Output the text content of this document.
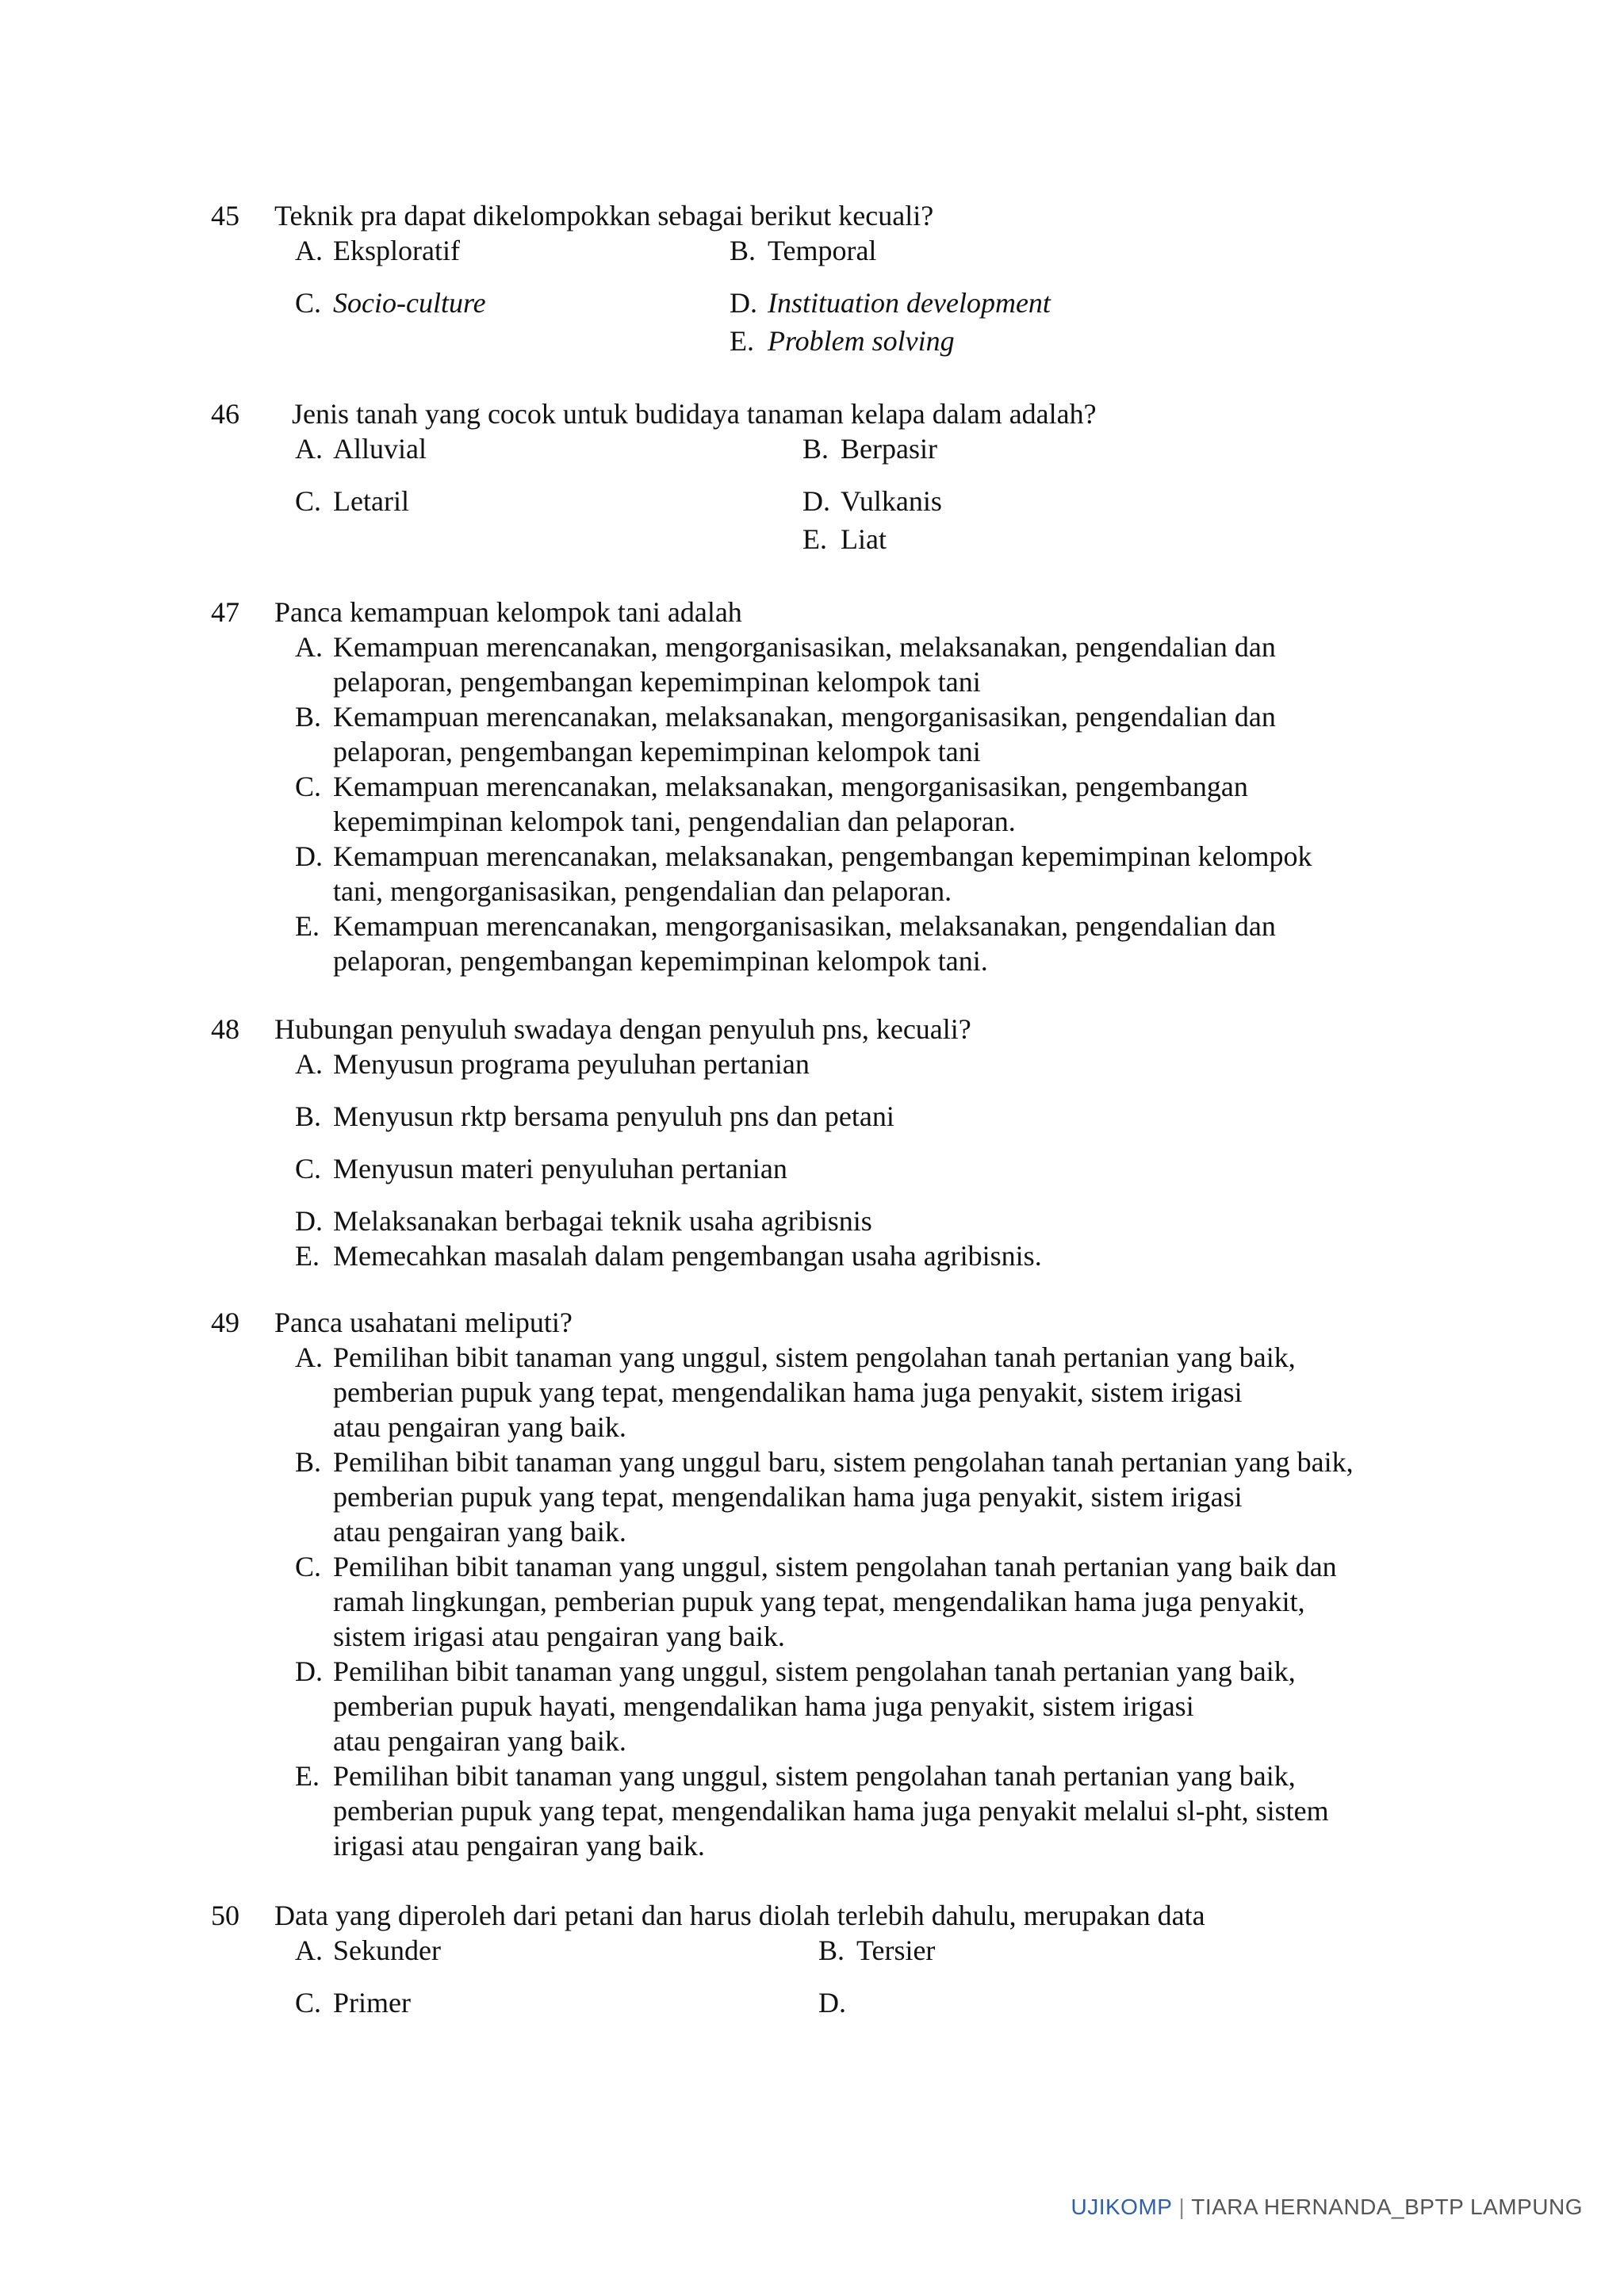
45	Teknik pra dapat dikelompokkan sebagai berikut kecuali?
A. Eksploratif	B. Temporal
C. Socio-culture	D. Instituation development
E. Problem solving
46	Jenis tanah yang cocok untuk budidaya tanaman kelapa dalam adalah?
A. Alluvial	B. Berpasir
C. Letaril	D. Vulkanis
E. Liat
47	Panca kemampuan kelompok tani adalah
A. Kemampuan merencanakan, mengorganisasikan, melaksanakan, pengendalian dan
pelaporan, pengembangan kepemimpinan kelompok tani
B. Kemampuan merencanakan, melaksanakan, mengorganisasikan, pengendalian dan
pelaporan, pengembangan kepemimpinan kelompok tani
C. Kemampuan merencanakan, melaksanakan, mengorganisasikan, pengembangan
kepemimpinan kelompok tani, pengendalian dan pelaporan.
D. Kemampuan merencanakan, melaksanakan, pengembangan kepemimpinan kelompok
tani, mengorganisasikan, pengendalian dan pelaporan.
E. Kemampuan merencanakan, mengorganisasikan, melaksanakan, pengendalian dan
pelaporan, pengembangan kepemimpinan kelompok tani.
48	Hubungan penyuluh swadaya dengan penyuluh pns, kecuali?
A. Menyusun programa peyuluhan pertanian
B. Menyusun rktp bersama penyuluh pns dan petani
C. Menyusun materi penyuluhan pertanian
D. Melaksanakan berbagai teknik usaha agribisnis
E. Memecahkan masalah dalam pengembangan usaha agribisnis.
49	Panca usahatani meliputi?
A. Pemilihan bibit tanaman yang unggul, sistem pengolahan tanah pertanian yang baik,
pemberian pupuk yang tepat, mengendalikan hama juga penyakit, sistem irigasi
atau pengairan yang baik.
B. Pemilihan bibit tanaman yang unggul baru, sistem pengolahan tanah pertanian yang baik,
pemberian pupuk yang tepat, mengendalikan hama juga penyakit, sistem irigasi
atau pengairan yang baik.
C. Pemilihan bibit tanaman yang unggul, sistem pengolahan tanah pertanian yang baik dan
ramah lingkungan, pemberian pupuk yang tepat, mengendalikan hama juga penyakit,
sistem irigasi atau pengairan yang baik.
D. Pemilihan bibit tanaman yang unggul, sistem pengolahan tanah pertanian yang baik,
pemberian pupuk hayati, mengendalikan hama juga penyakit, sistem irigasi
atau pengairan yang baik.
E. Pemilihan bibit tanaman yang unggul, sistem pengolahan tanah pertanian yang baik,
pemberian pupuk yang tepat, mengendalikan hama juga penyakit melalui sl-pht, sistem
irigasi atau pengairan yang baik.
50	Data yang diperoleh dari petani dan harus diolah terlebih dahulu, merupakan data
A. Sekunder	B. Tersier
C. Primer	D.
UJIKOMP | TIARA HERNANDA_BPTP LAMPUNG
